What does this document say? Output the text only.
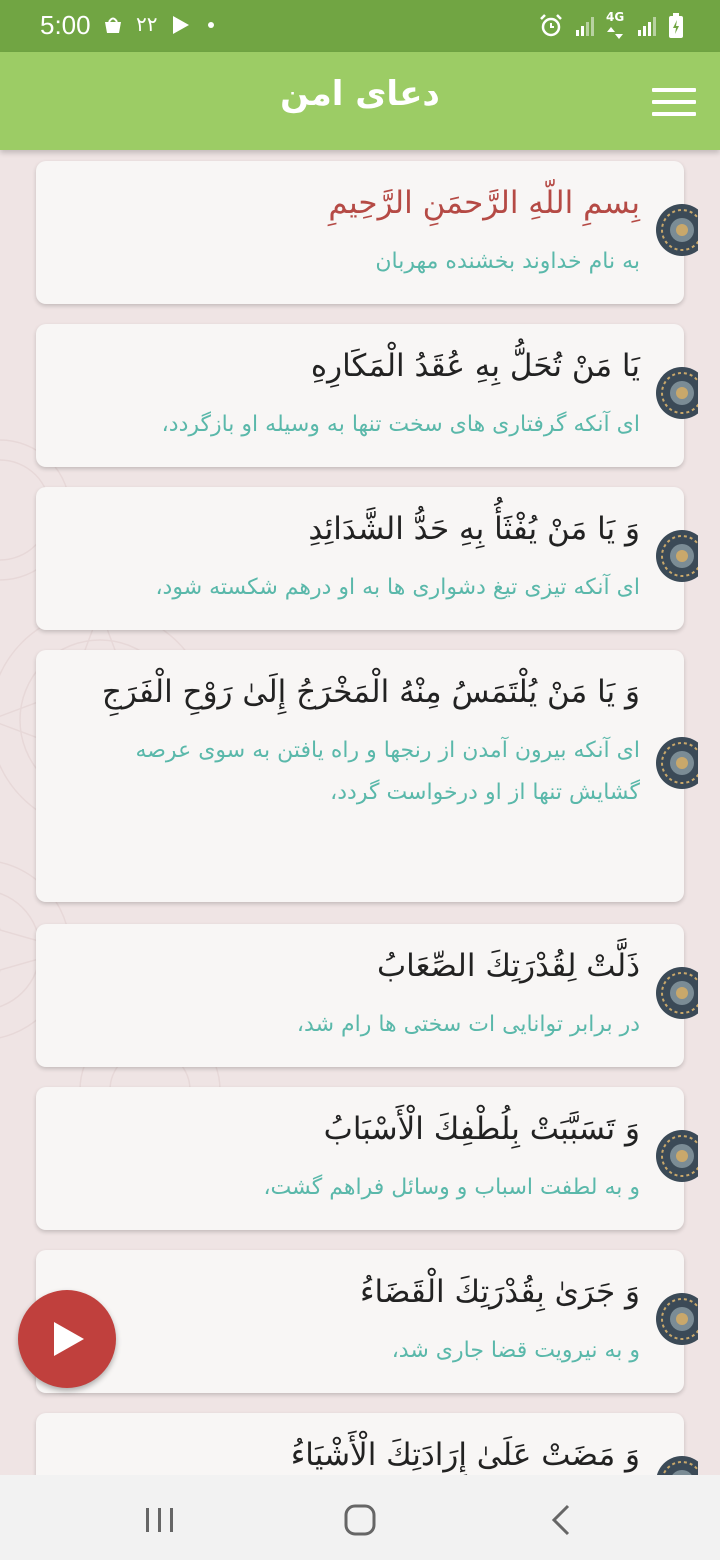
5:00 ۲۲	4G
دعای امن
بِسمِ اللّهِ الرَّحمَنِ الرَّحِیمِ
به نام خداوند بخشنده مهربان
یَا مَنْ تُحَلُّ بِهِ عُقَدُ الْمَکَارِهِ
ای آنکه گرفتاری های سخت تنها به وسیله او بازگردد،
وَ یَا مَنْ یُفْثَأُ بِهِ حَدُّ الشَّدَائِدِ
ای آنکه تیزی تیغ دشواری ها به او درهم شکسته شود،
وَ یَا مَنْ یُلْتَمَسُ مِنْهُ الْمَخْرَجُ إِلَىٰ رَوْحِ الْفَرَجِ
ای آنکه بیرون آمدن از رنجها و راه یافتن به سوی عرصه گشایش تنها از او درخواست گردد،
ذَلَّتْ لِقُدْرَتِكَ الصِّعَابُ
در برابر توانایی ات سختی ها رام شد،
وَ تَسَبَّبَتْ بِلُطْفِكَ الْأَسْبَابُ
و به لطفت اسباب و وسائل فراهم گشت،
وَ جَرَىٰ بِقُدْرَتِكَ الْقَضَاءُ
و به نیرویت قضا جاری شد،
وَ مَضَتْ عَلَىٰ إِرَادَتِكَ الْأَشْيَاءُ
